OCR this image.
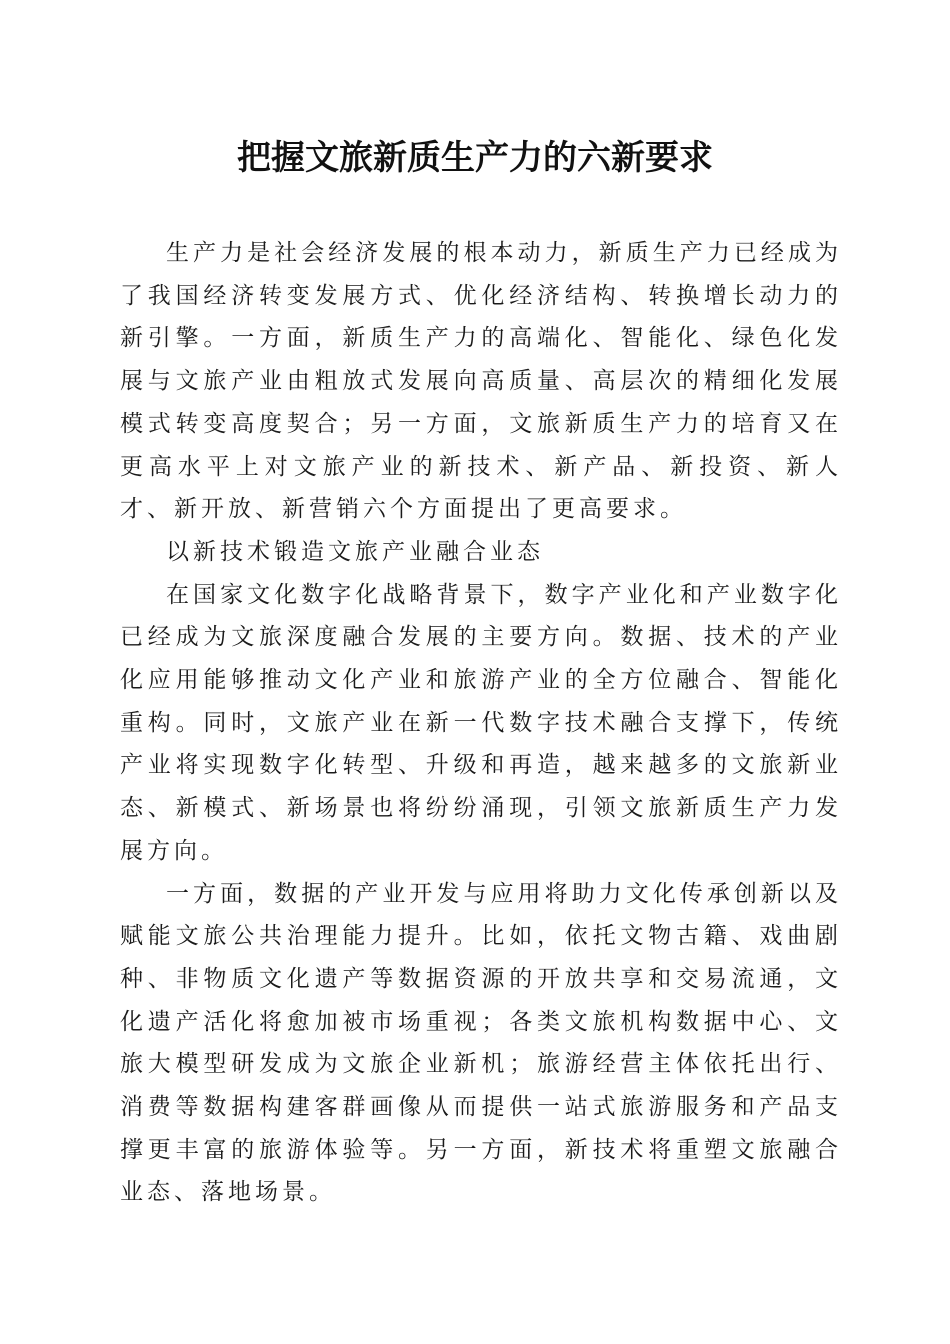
把握文旅新质生产力的六新要求

生产力是社会经济发展的根本动力，新质生产力已经成为了我国经济转变发展方式、优化经济结构、转换增长动力的新引擎。一方面，新质生产力的高端化、智能化、绿色化发展与文旅产业由粗放式发展向高质量、高层次的精细化发展模式转变高度契合；另一方面，文旅新质生产力的培育又在更高水平上对文旅产业的新技术、新产品、新投资、新人才、新开放、新营销六个方面提出了更高要求。

以新技术锻造文旅产业融合业态

在国家文化数字化战略背景下，数字产业化和产业数字化已经成为文旅深度融合发展的主要方向。数据、技术的产业化应用能够推动文化产业和旅游产业的全方位融合、智能化重构。同时，文旅产业在新一代数字技术融合支撑下，传统产业将实现数字化转型、升级和再造，越来越多的文旅新业态、新模式、新场景也将纷纷涌现，引领文旅新质生产力发展方向。

一方面，数据的产业开发与应用将助力文化传承创新以及赋能文旅公共治理能力提升。比如，依托文物古籍、戏曲剧种、非物质文化遗产等数据资源的开放共享和交易流通，文化遗产活化将愈加被市场重视；各类文旅机构数据中心、文旅大模型研发成为文旅企业新机；旅游经营主体依托出行、消费等数据构建客群画像从而提供一站式旅游服务和产品支撑更丰富的旅游体验等。另一方面，新技术将重塑文旅融合业态、落地场景。
